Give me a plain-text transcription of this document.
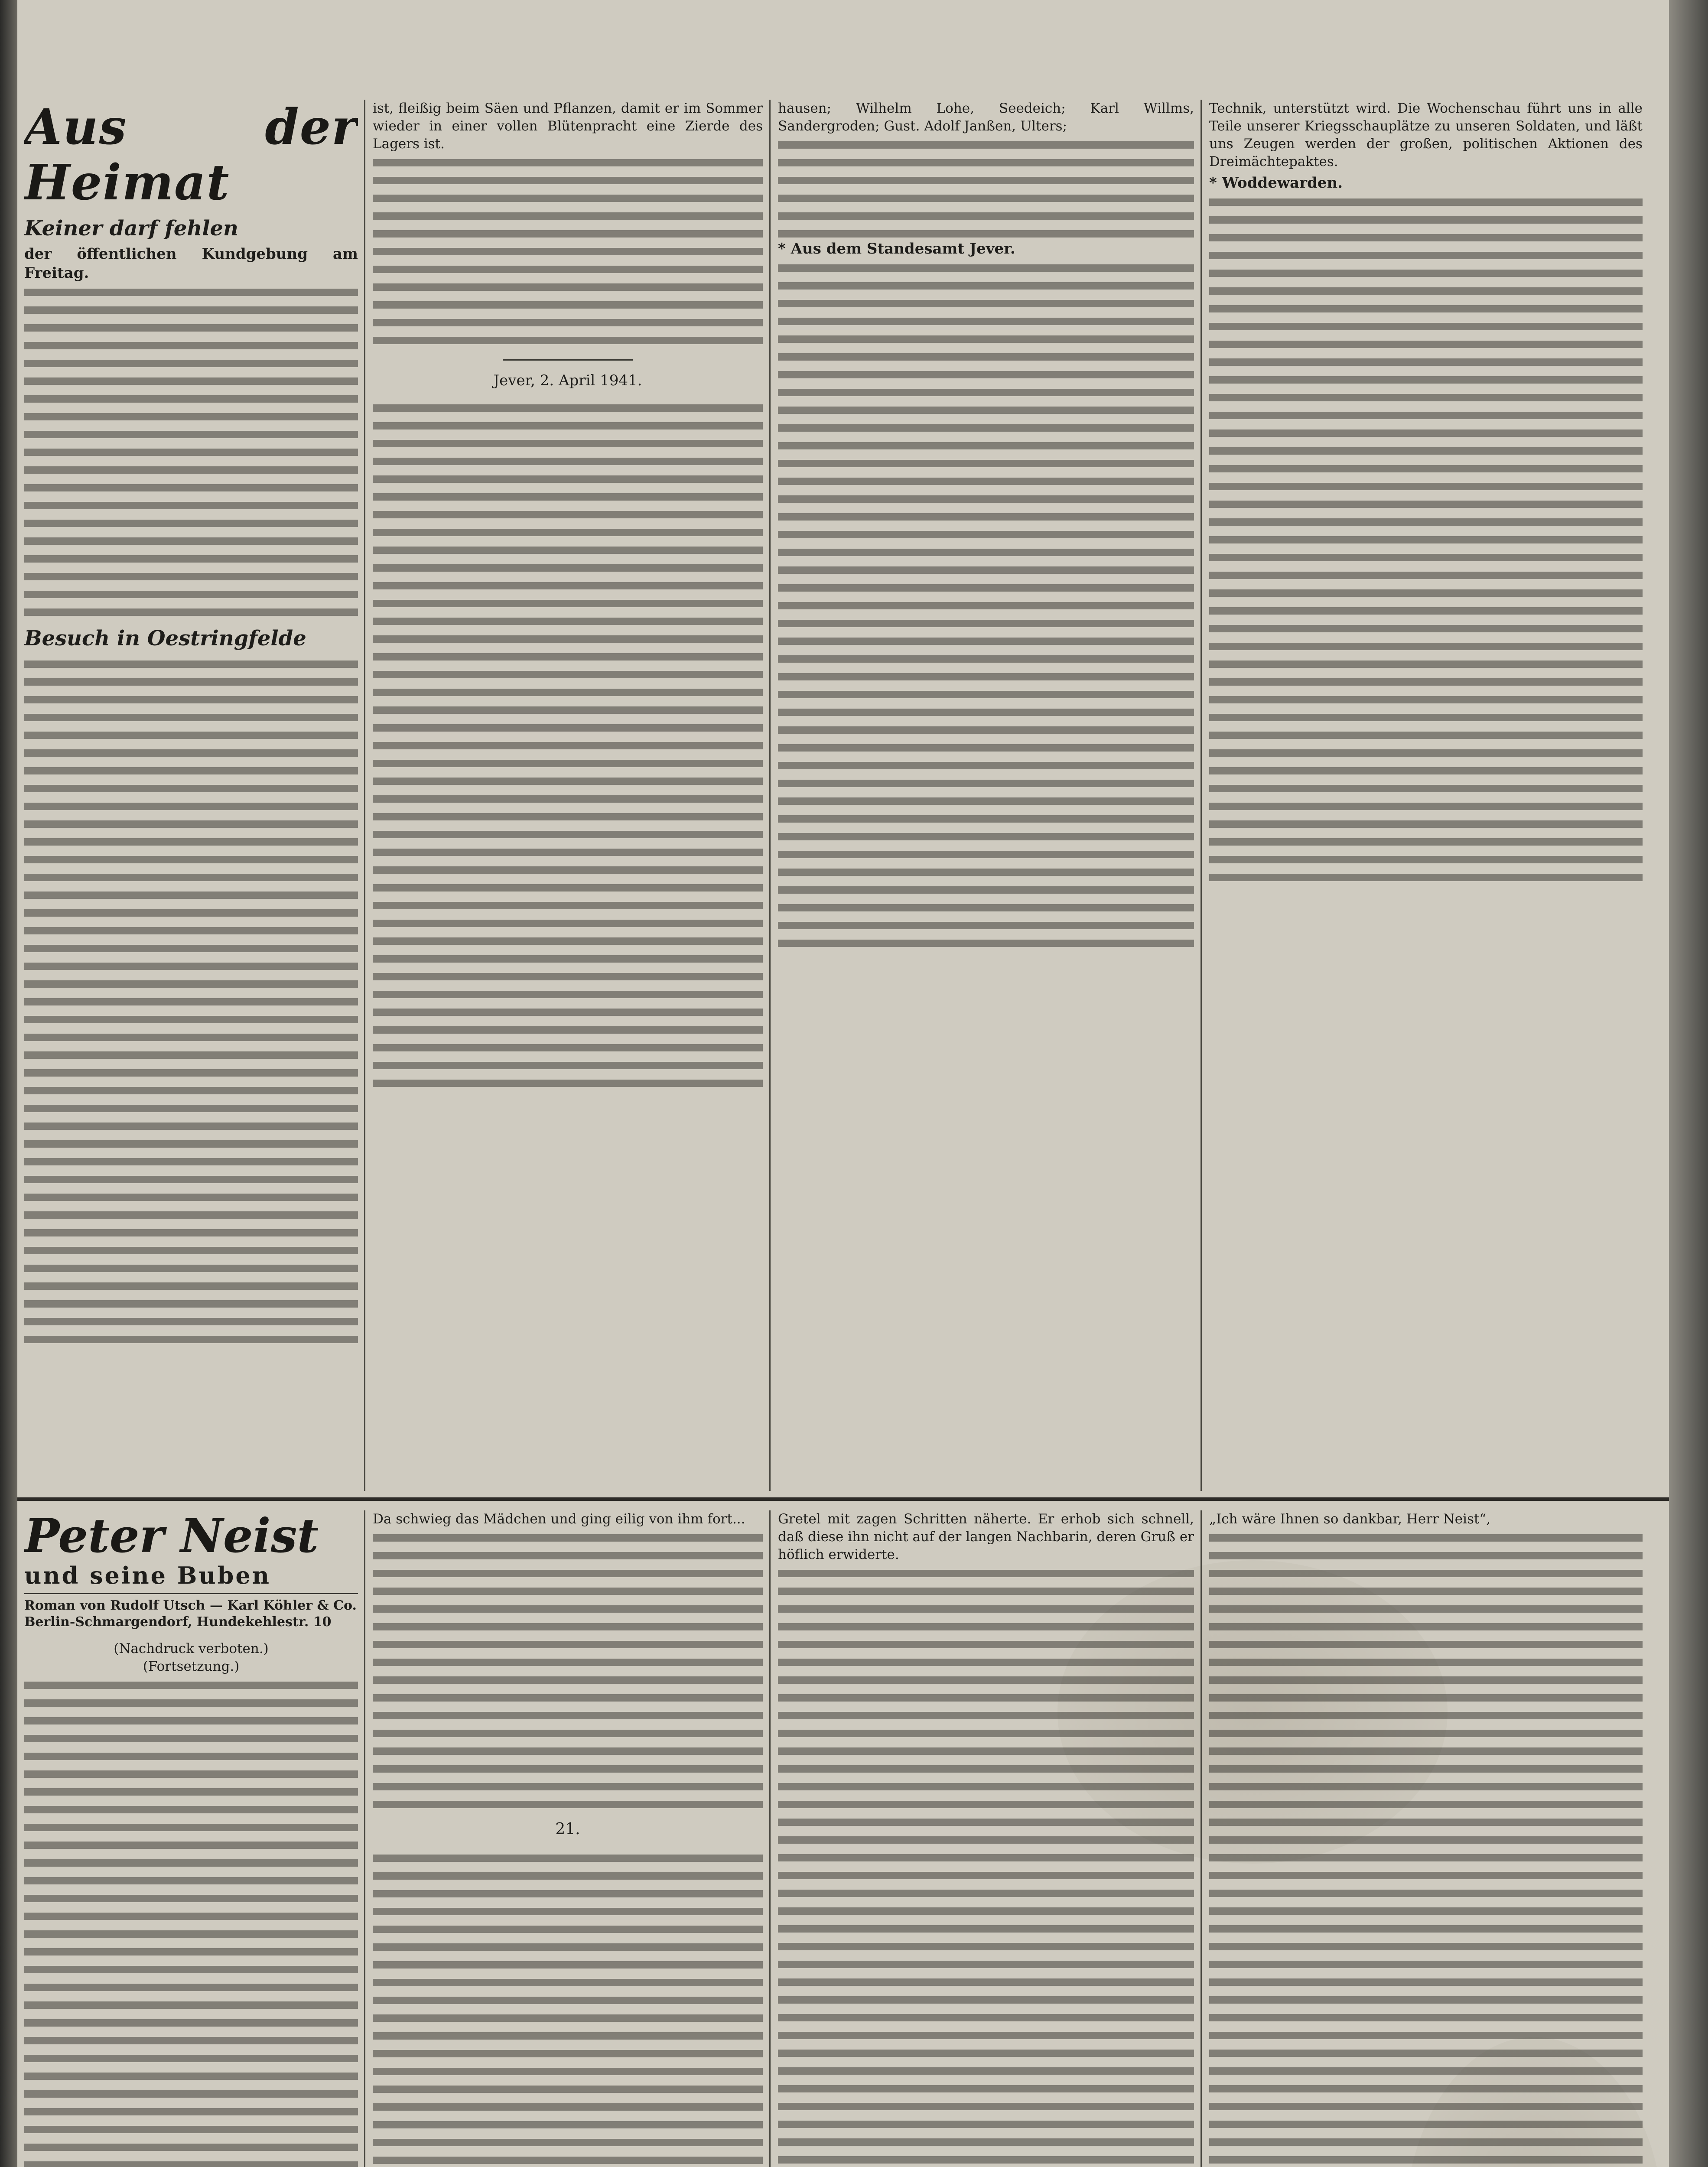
Aus der Heimat
Keiner darf fehlen
der öffentlichen Kundgebung am Freitag.
Besuch in Oestringfelde

ist, fleißig beim Säen und Pflanzen, damit er im Sommer wieder in einer vollen Blütenpracht eine Zierde des Lagers ist.

Jever, 2. April 1941.

hausen; Wilhelm Lohe, Seedeich; Karl Willms, Sandergroden; Gust. Adolf Janßen, Ulters;

* Aus dem Standesamt Jever.

Technik, unterstützt wird. Die Wochenschau führt uns in alle Teile unserer Kriegsschauplätze zu unseren Soldaten, und läßt uns Zeugen werden der großen, politischen Aktionen des Dreimächtepaktes.

* Woddewarden.

Peter Neist
und seine Buben
Roman von Rudolf Utsch — Karl Köhler & Co.
Berlin-Schmargendorf, Hundekehlestr. 10
(Nachdruck verboten.)
(Fortsetzung.)

Da schwieg das Mädchen und ging eilig von ihm fort...

21.

Gretel mit zagen Schritten näherte. Er erhob sich schnell, daß diese ihn nicht auf der langen Nachbarin, deren Gruß er höflich erwiderte.

„Ich wäre Ihnen so dankbar, Herr Neist“,
